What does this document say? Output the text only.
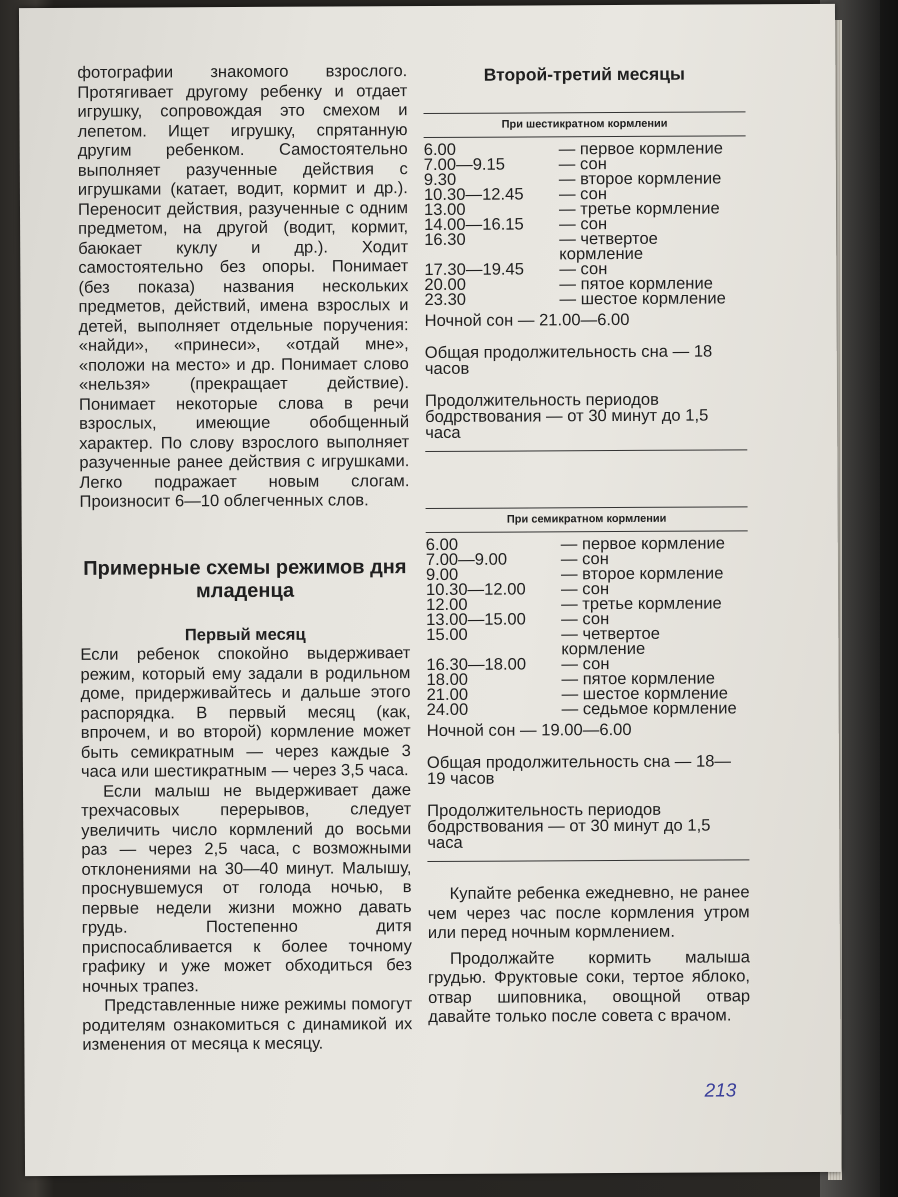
фотографии знакомого взрослого. Протягивает другому ребенку и отдает игрушку, сопровождая это смехом и лепетом. Ищет игрушку, спрятанную другим ребенком. Самостоятельно выполняет разученные действия с игрушками (катает, водит, кормит и др.). Переносит действия, разученные с одним предметом, на другой (водит, кормит, баюкает куклу и др.). Ходит самостоятельно без опоры. Понимает (без показа) названия нескольких предметов, действий, имена взрослых и детей, выполняет отдельные поручения: «найди», «принеси», «отдай мне», «положи на место» и др. Понимает слово «нельзя» (прекращает действие). Понимает некоторые слова в речи взрослых, имеющие обобщенный характер. По слову взрослого выполняет разученные ранее действия с игрушками. Легко подражает новым слогам. Произносит 6—10 облегченных слов.

Примерные схемы режимов дня младенца

Первый месяц

Если ребенок спокойно выдерживает режим, который ему задали в родильном доме, придерживайтесь и дальше этого распорядка. В первый месяц (как, впрочем, и во второй) кормление может быть семикратным — через каждые 3 часа или шестикратным — через 3,5 часа.

Если малыш не выдерживает даже трехчасовых перерывов, следует увеличить число кормлений до восьми раз — через 2,5 часа, с возможными отклонениями на 30—40 минут. Малышу, проснувшемуся от голода ночью, в первые недели жизни можно давать грудь. Постепенно дитя приспосабливается к более точному графику и уже может обходиться без ночных трапез.

Представленные ниже режимы помогут родителям ознакомиться с динамикой их изменения от месяца к месяцу.

Второй-третий месяцы

При шестикратном кормлении
6.00	— первое кормление
7.00—9.15	— сон
9.30	— второе кормление
10.30—12.45	— сон
13.00	— третье кормление
14.00—16.15	— сон
16.30	— четвертое кормление
17.30—19.45	— сон
20.00	— пятое кормление
23.30	— шестое кормление
Ночной сон — 21.00—6.00
Общая продолжительность сна — 18 часов
Продолжительность периодов бодрствования — от 30 минут до 1,5 часа
При семикратном кормлении
6.00	— первое кормление
7.00—9.00	— сон
9.00	— второе кормление
10.30—12.00	— сон
12.00	— третье кормление
13.00—15.00	— сон
15.00	— четвертое кормление
16.30—18.00	— сон
18.00	— пятое кормление
21.00	— шестое кормление
24.00	— седьмое кормление
Ночной сон — 19.00—6.00
Общая продолжительность сна — 18—19 часов
Продолжительность периодов бодрствования — от 30 минут до 1,5 часа

Купайте ребенка ежедневно, не ранее чем через час после кормления утром или перед ночным кормлением.

Продолжайте кормить малыша грудью. Фруктовые соки, тертое яблоко, отвар шиповника, овощной отвар давайте только после совета с врачом.

213
